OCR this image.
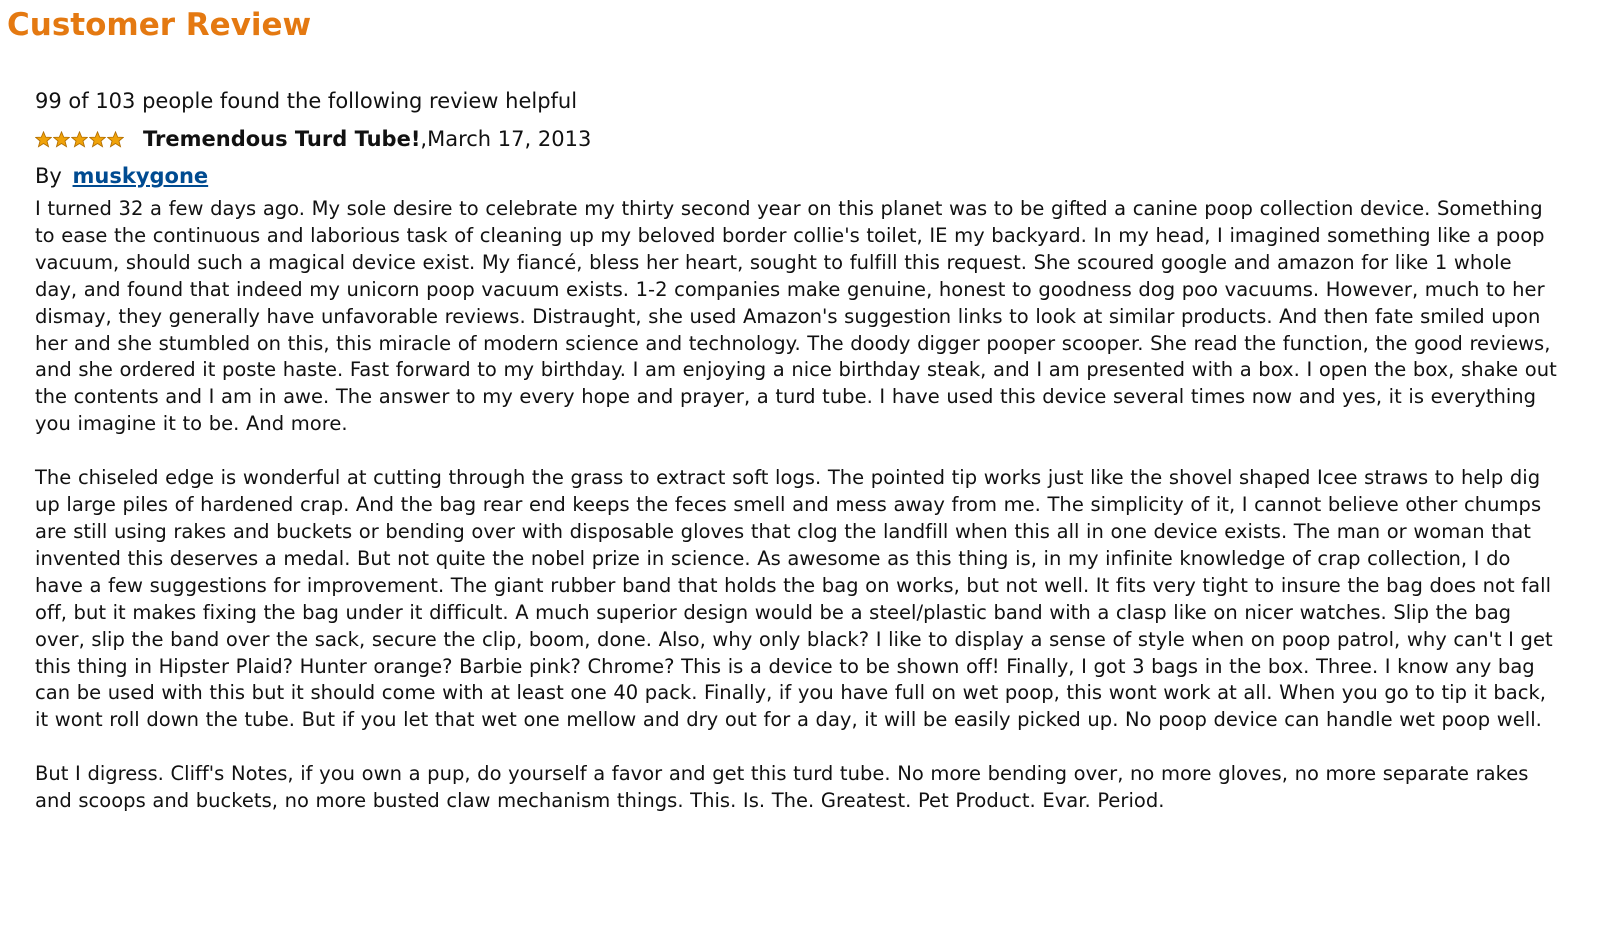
Customer Review
99 of 103 people found the following review helpful
Tremendous Turd Tube! , March 17, 2013
By muskygone

I turned 32 a few days ago. My sole desire to celebrate my thirty second year on this planet was to be gifted a canine poop collection device. Something to ease the continuous and laborious task of cleaning up my beloved border collie's toilet, IE my backyard. In my head, I imagined something like a poop vacuum, should such a magical device exist. My fiancé, bless her heart, sought to fulfill this request. She scoured google and amazon for like 1 whole day, and found that indeed my unicorn poop vacuum exists. 1-2 companies make genuine, honest to goodness dog poo vacuums. However, much to her dismay, they generally have unfavorable reviews. Distraught, she used Amazon's suggestion links to look at similar products. And then fate smiled upon her and she stumbled on this, this miracle of modern science and technology. The doody digger pooper scooper. She read the function, the good reviews, and she ordered it poste haste. Fast forward to my birthday. I am enjoying a nice birthday steak, and I am presented with a box. I open the box, shake out the contents and I am in awe. The answer to my every hope and prayer, a turd tube. I have used this device several times now and yes, it is everything you imagine it to be. And more.

The chiseled edge is wonderful at cutting through the grass to extract soft logs. The pointed tip works just like the shovel shaped Icee straws to help dig up large piles of hardened crap. And the bag rear end keeps the feces smell and mess away from me. The simplicity of it, I cannot believe other chumps are still using rakes and buckets or bending over with disposable gloves that clog the landfill when this all in one device exists. The man or woman that invented this deserves a medal. But not quite the nobel prize in science. As awesome as this thing is, in my infinite knowledge of crap collection, I do have a few suggestions for improvement. The giant rubber band that holds the bag on works, but not well. It fits very tight to insure the bag does not fall off, but it makes fixing the bag under it difficult. A much superior design would be a steel/plastic band with a clasp like on nicer watches. Slip the bag over, slip the band over the sack, secure the clip, boom, done. Also, why only black? I like to display a sense of style when on poop patrol, why can't I get this thing in Hipster Plaid? Hunter orange? Barbie pink? Chrome? This is a device to be shown off! Finally, I got 3 bags in the box. Three. I know any bag can be used with this but it should come with at least one 40 pack. Finally, if you have full on wet poop, this wont work at all. When you go to tip it back, it wont roll down the tube. But if you let that wet one mellow and dry out for a day, it will be easily picked up. No poop device can handle wet poop well.

But I digress. Cliff's Notes, if you own a pup, do yourself a favor and get this turd tube. No more bending over, no more gloves, no more separate rakes and scoops and buckets, no more busted claw mechanism things. This. Is. The. Greatest. Pet Product. Evar. Period.
